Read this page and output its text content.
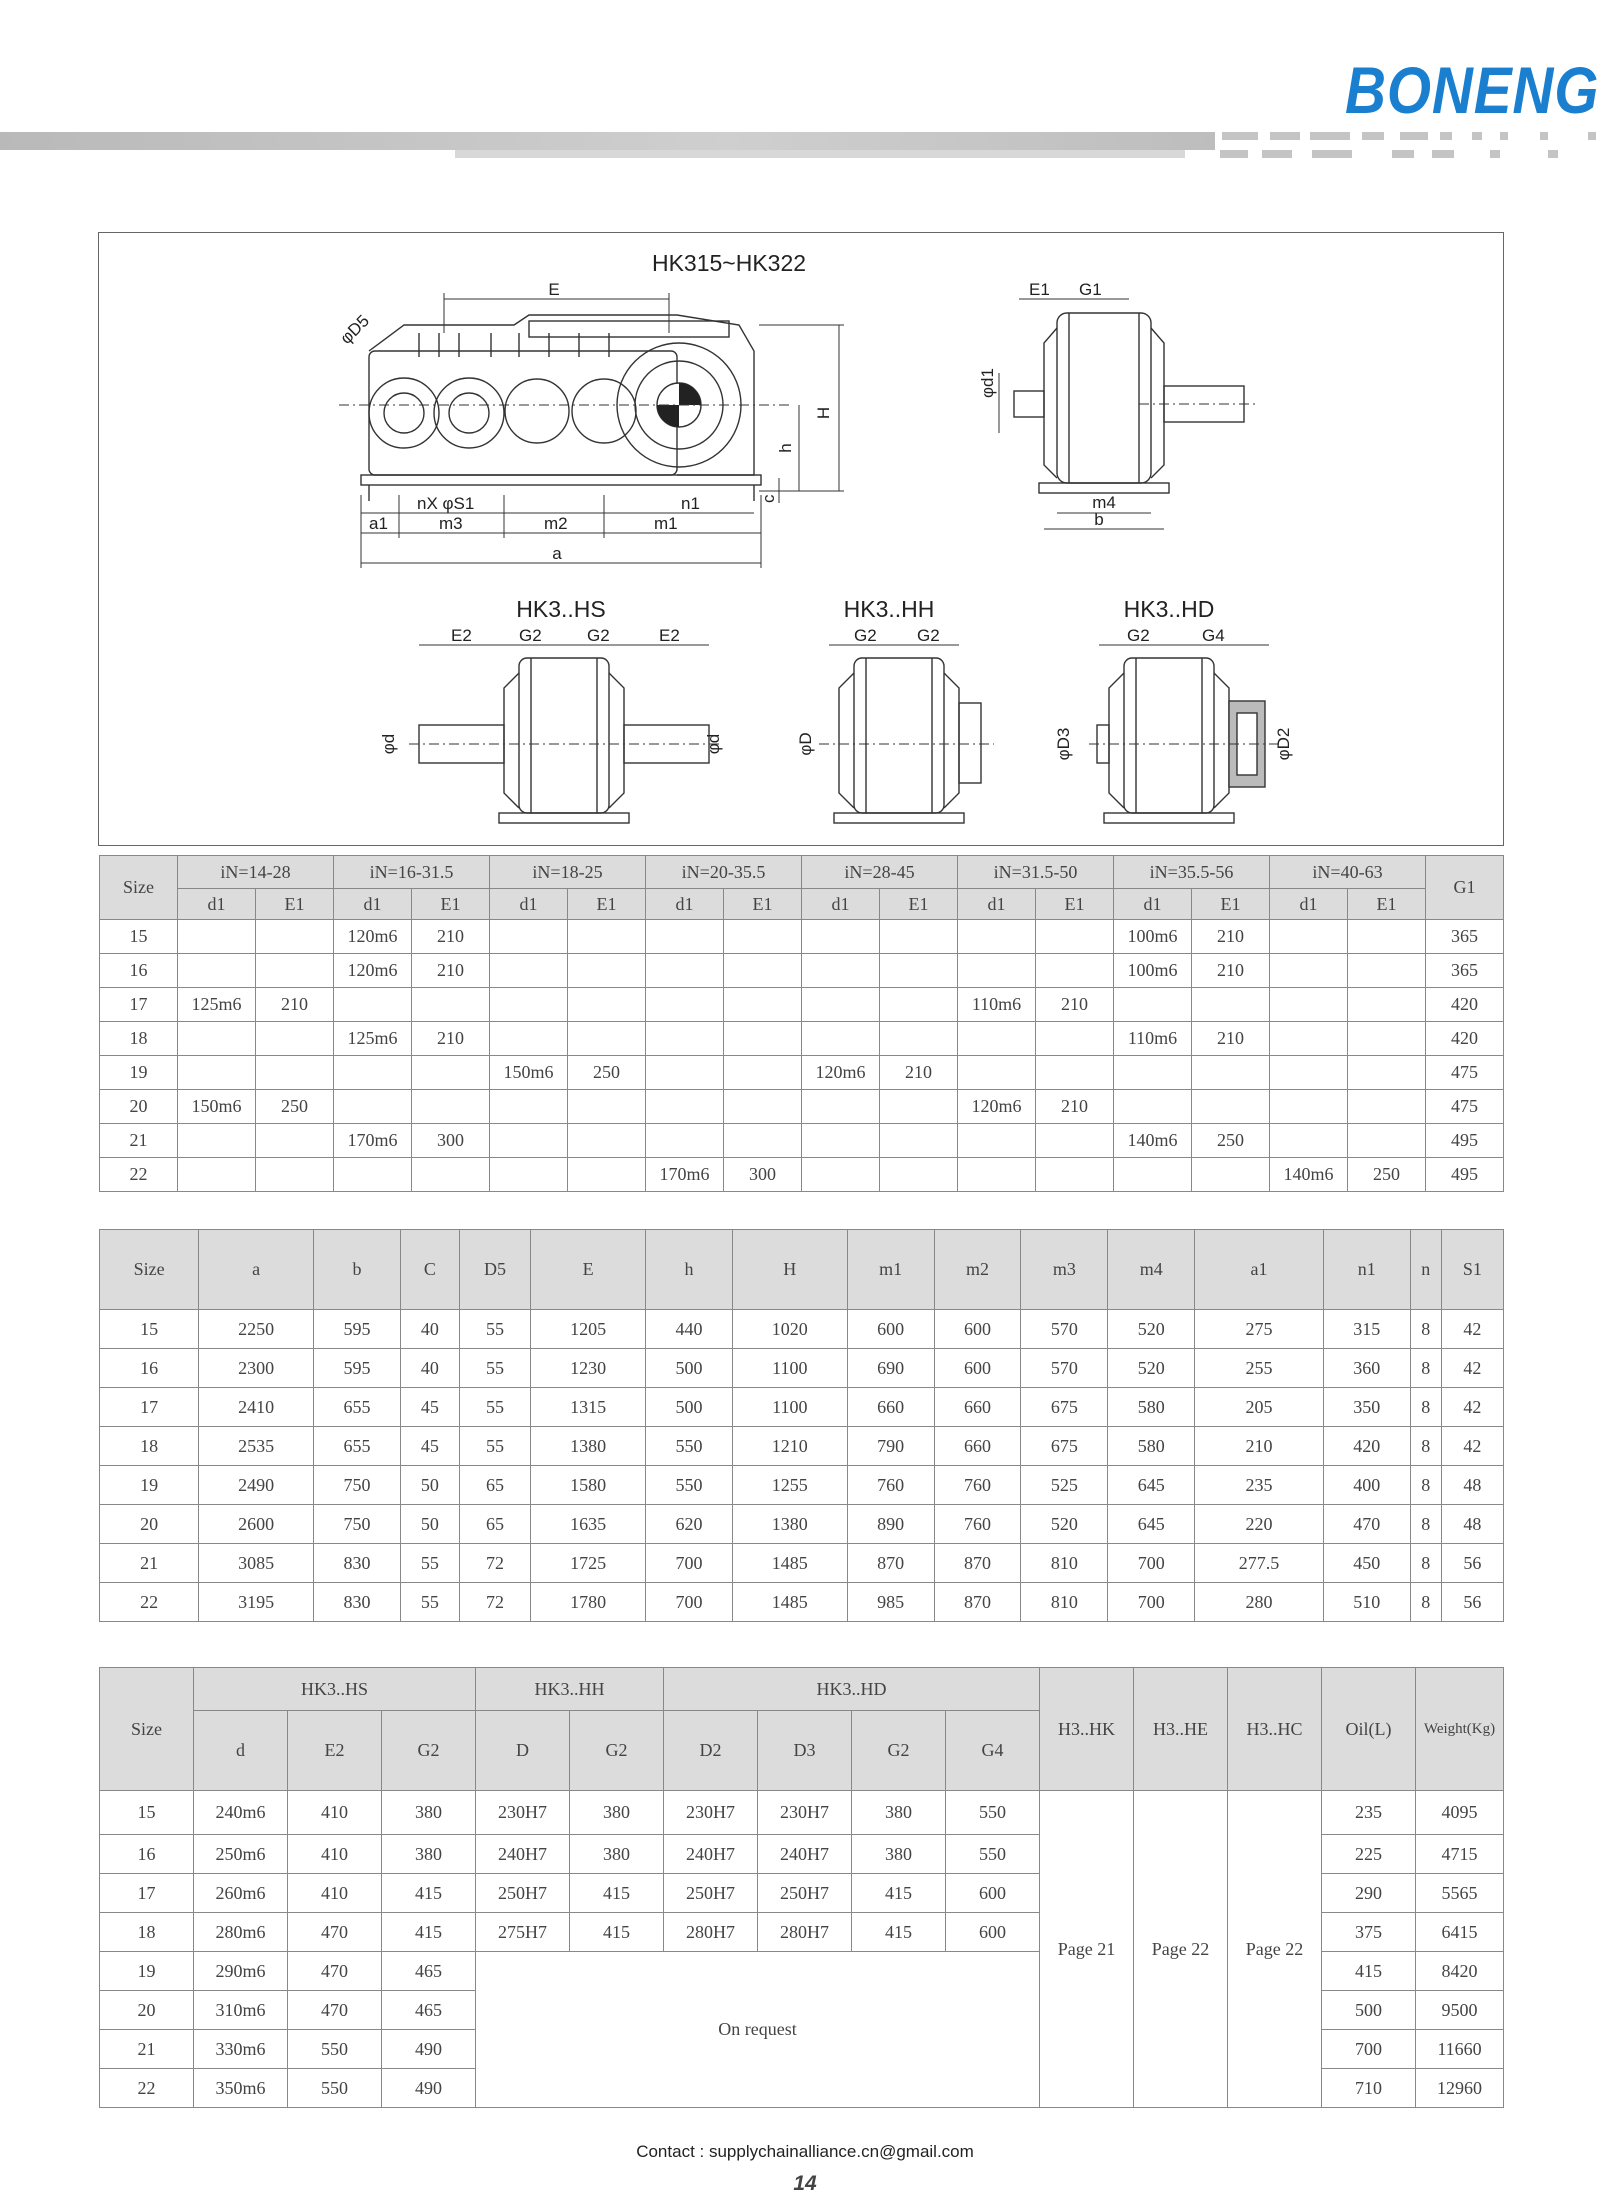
BONENG
HK315~HK322
E
φD5
H
h
c
nX φS1	n1
a1	m3	m2	m1
a
E1 G1
φd1
m4
b
HK3..HS
E2	G2	G2	E2
φd	φd
HK3..HH
G2 G2
φD
HK3..HD
G2	G4
φD3	φD2
Size	iN=14-28		iN=16-31.5		iN=18-25		iN=20-35.5		iN=28-45		iN=31.5-50		iN=35.5-56		iN=40-63		G1
	d1	E1	d1	E1	d1	E1	d1	E1	d1	E1	d1	E1	d1	E1	d1	E1	
15			120m6	210									100m6	210			365
16			120m6	210									100m6	210			365
17	125m6	210									110m6	210					420
18			125m6	210									110m6	210			420
19					150m6	250			120m6	210							475
20	150m6	250									120m6	210					475
21			170m6	300									140m6	250			495
22							170m6	300							140m6	250	495
Size	a	b	C	D5	E	h	H	m1	m2	m3	m4	a1	n1	n	S1
15	2250	595	40	55	1205	440	1020	600	600	570	520	275	315	8	42
16	2300	595	40	55	1230	500	1100	690	600	570	520	255	360	8	42
17	2410	655	45	55	1315	500	1100	660	660	675	580	205	350	8	42
18	2535	655	45	55	1380	550	1210	790	660	675	580	210	420	8	42
19	2490	750	50	65	1580	550	1255	760	760	525	645	235	400	8	48
20	2600	750	50	65	1635	620	1380	890	760	520	645	220	470	8	48
21	3085	830	55	72	1725	700	1485	870	870	810	700	277.5	450	8	56
22	3195	830	55	72	1780	700	1485	985	870	810	700	280	510	8	56
Size	HK3..HS			HK3..HH		HK3..HD				H3..HK	H3..HE	H3..HC	Oil(L)	Weight(Kg)
	d	E2	G2	D	G2	D2	D3	G2	G4					
15	240m6	410	380	230H7	380	230H7	230H7	380	550	Page 21	Page 22	Page 22	235	4095
16	250m6	410	380	240H7	380	240H7	240H7	380	550				225	4715
17	260m6	410	415	250H7	415	250H7	250H7	415	600				290	5565
18	280m6	470	415	275H7	415	280H7	280H7	415	600				375	6415
19	290m6	470	465	On request									415	8420
20	310m6	470	465										500	9500
21	330m6	550	490										700	11660
22	350m6	550	490										710	12960
Contact : supplychainalliance.cn@gmail.com
14
